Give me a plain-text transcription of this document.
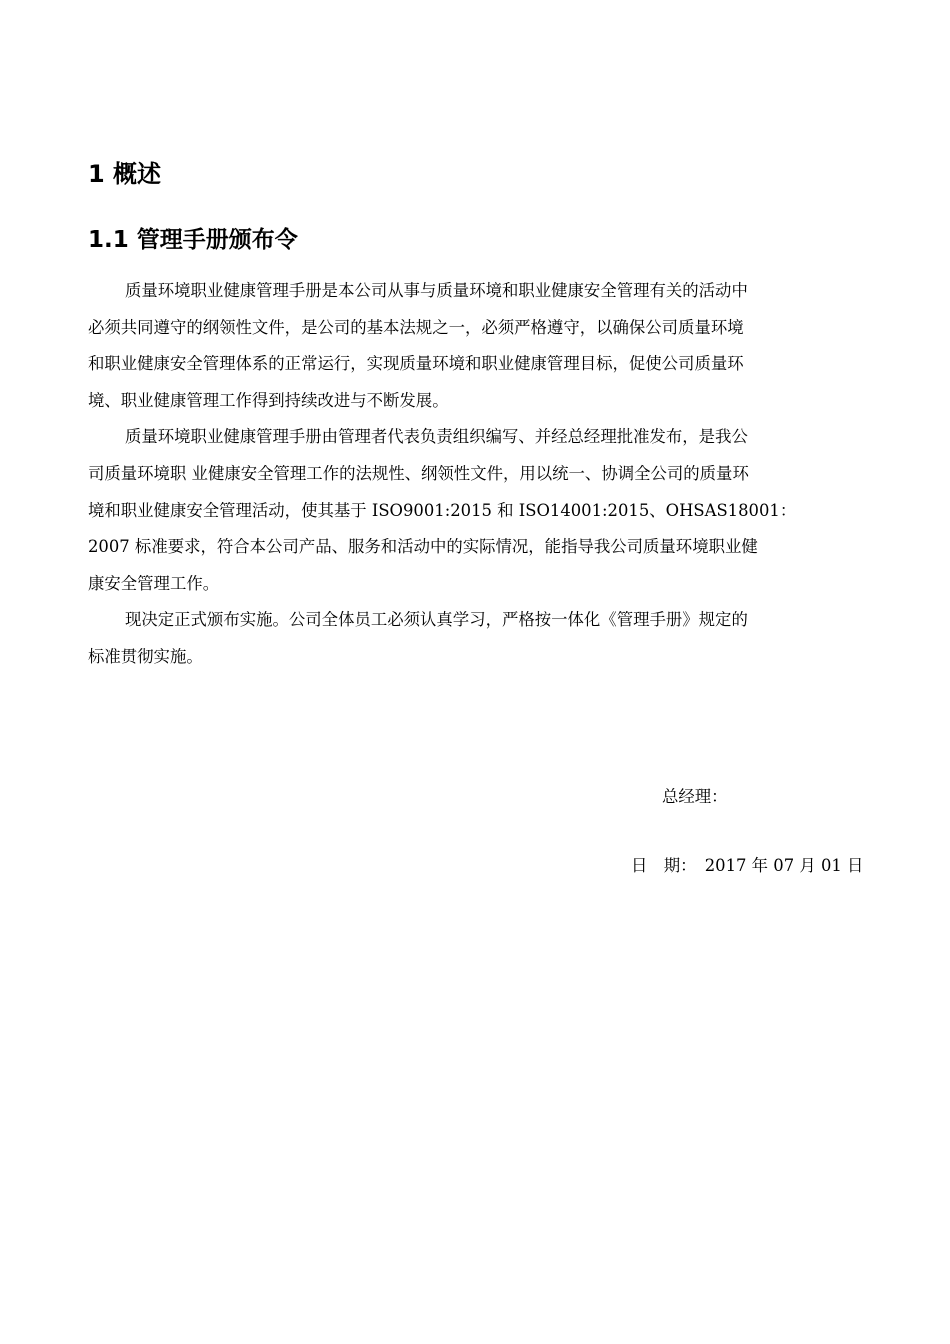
1 概述
1.1 管理手册颁布令
质量环境职业健康管理手册是本公司从事与质量环境和职业健康安全管理有关的活动中
必须共同遵守的纲领性文件，是公司的基本法规之一，必须严格遵守，以确保公司质量环境
和职业健康安全管理体系的正常运行，实现质量环境和职业健康管理目标，促使公司质量环
境、职业健康管理工作得到持续改进与不断发展。
质量环境职业健康管理手册由管理者代表负责组织编写、并经总经理批准发布，是我公
司质量环境职 业健康安全管理工作的法规性、纲领性文件，用以统一、协调全公司的质量环
境和职业健康安全管理活动，使其基于 ISO9001:2015 和 ISO14001:2015、OHSAS18001：
2007 标准要求，符合本公司产品、服务和活动中的实际情况，能指导我公司质量环境职业健
康安全管理工作。
现决定正式颁布实施。公司全体员工必须认真学习，严格按一体化《管理手册》规定的
标准贯彻实施。
总经理：
日　期：　2017 年 07 月 01 日
